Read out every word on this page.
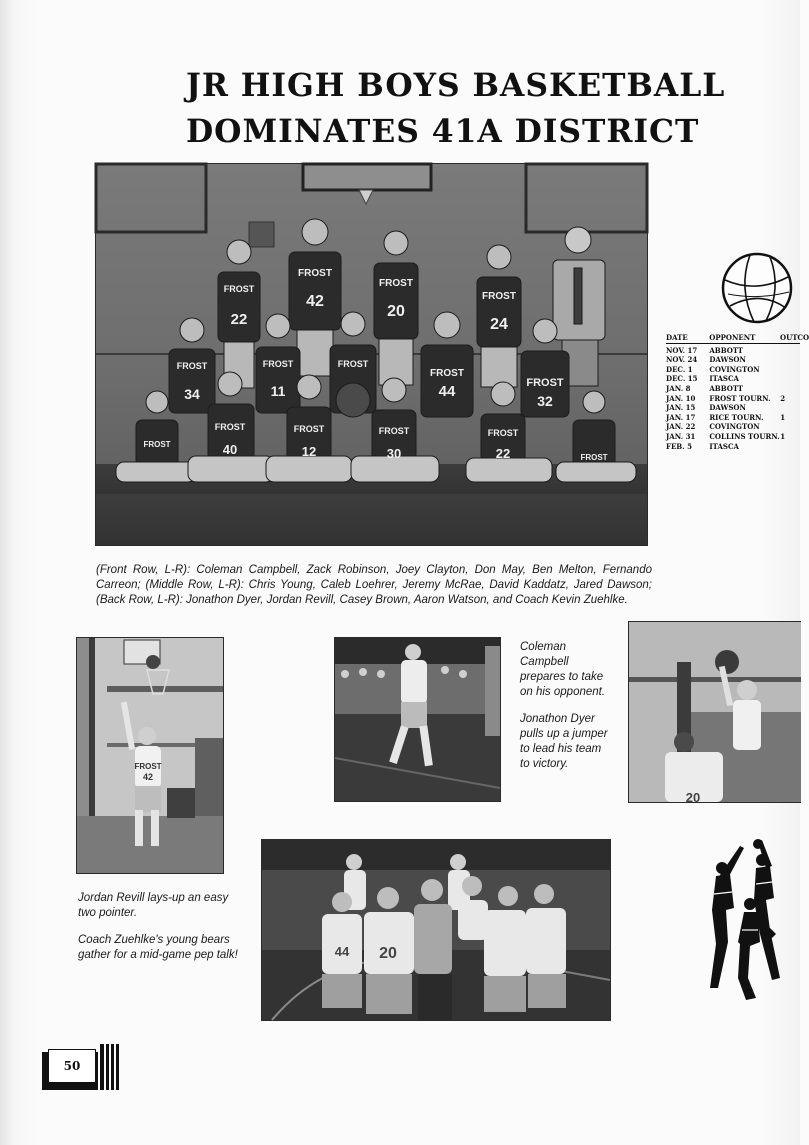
JR HIGH BOYS BASKETBALL
DOMINATES 41A DISTRICT
FROST
22
FROST
42
FROST
20
FROST
24
FROST
34
FROST
11
FROST
FROST
44	FROST
32
FROST
FROST
40
FROST
12
FROST
30
FROST
22	FROST

(Front Row, L-R): Coleman Campbell, Zack Robinson, Joey Clayton, Don May, Ben Melton, Fernando Carreon; (Middle Row, L-R): Chris Young, Caleb Loehrer, Jeremy McRae, David Kaddatz, Jared Dawson; (Back Row, L-R): Jonathon Dyer, Jordan Revill, Casey Brown, Aaron Watson, and Coach Kevin Zuehlke.

FROST
42

Coleman Campbell prepares to take on his opponent.

Jonathon Dyer pulls up a jumper to lead his team to victory.

20
44 20

Jordan Revill lays-up an easy two pointer.

Coach Zuehlke's young bears gather for a mid-game pep talk!

DATE	OPPONENT	OUTCO
NOV. 17	ABBOTT
NOV. 24	DAWSON
DEC. 1	COVINGTON
DEC. 15	ITASCA
JAN. 8	ABBOTT
JAN. 10	FROST TOURN.	2
JAN. 15	DAWSON
JAN. 17	RICE TOURN.	1
JAN. 22	COVINGTON
JAN. 31	COLLINS TOURN. 1
FEB. 5	ITASCA
50
